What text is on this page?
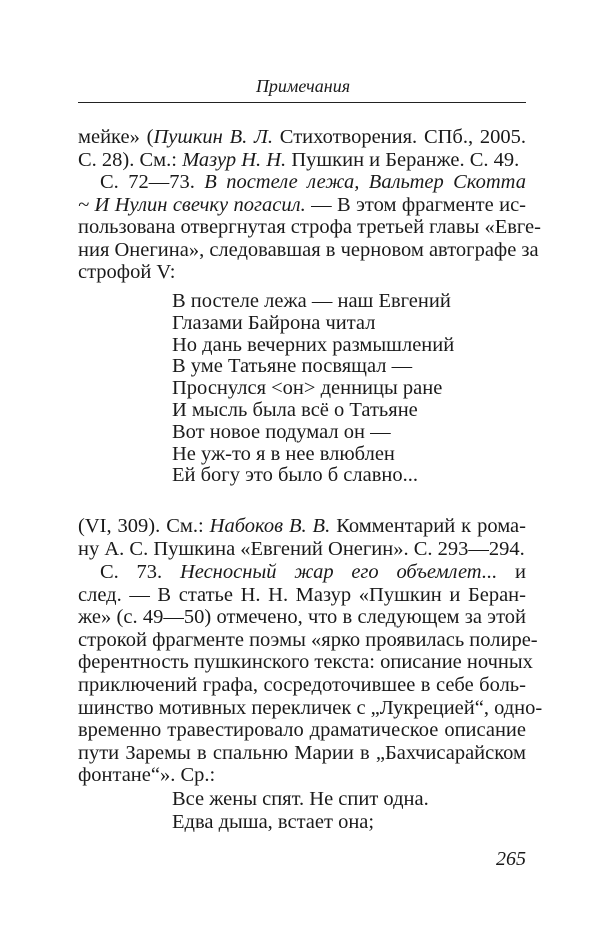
Примечания
мейке» (Пушкин В. Л. Стихотворения. СПб., 2005.
С. 28). См.: Мазур Н. Н. Пушкин и Беранже. С. 49.
С. 72—73. В постеле лежа, Вальтер Скотта
~ И Нулин свечку погасил. — В этом фрагменте ис-
пользована отвергнутая строфа третьей главы «Евге-
ния Онегина», следовавшая в черновом автографе за
строфой V:
В постеле лежа — наш Евгений
Глазами Байрона читал
Но дань вечерних размышлений
В уме Татьяне посвящал —
Проснулся <он> денницы ране
И мысль была всё о Татьяне
Вот новое подумал он —
Не уж-то я в нее влюблен
Ей богу это было б славно...
(VI, 309). См.: Набоков В. В. Комментарий к рома-
ну А. С. Пушкина «Евгений Онегин». С. 293—294.
С. 73. Несносный жар его объемлет... и
след. — В статье Н. Н. Мазур «Пушкин и Беран-
же» (с. 49—50) отмечено, что в следующем за этой
строкой фрагменте поэмы «ярко проявилась полире-
ферентность пушкинского текста: описание ночных
приключений графа, сосредоточившее в себе боль-
шинство мотивных перекличек с „Лукрецией“, одно-
временно травестировало драматическое описание
пути Заремы в спальню Марии в „Бахчисарайском
фонтане“». Ср.:
Все жены спят. Не спит одна.
Едва дыша, встает она;
265
